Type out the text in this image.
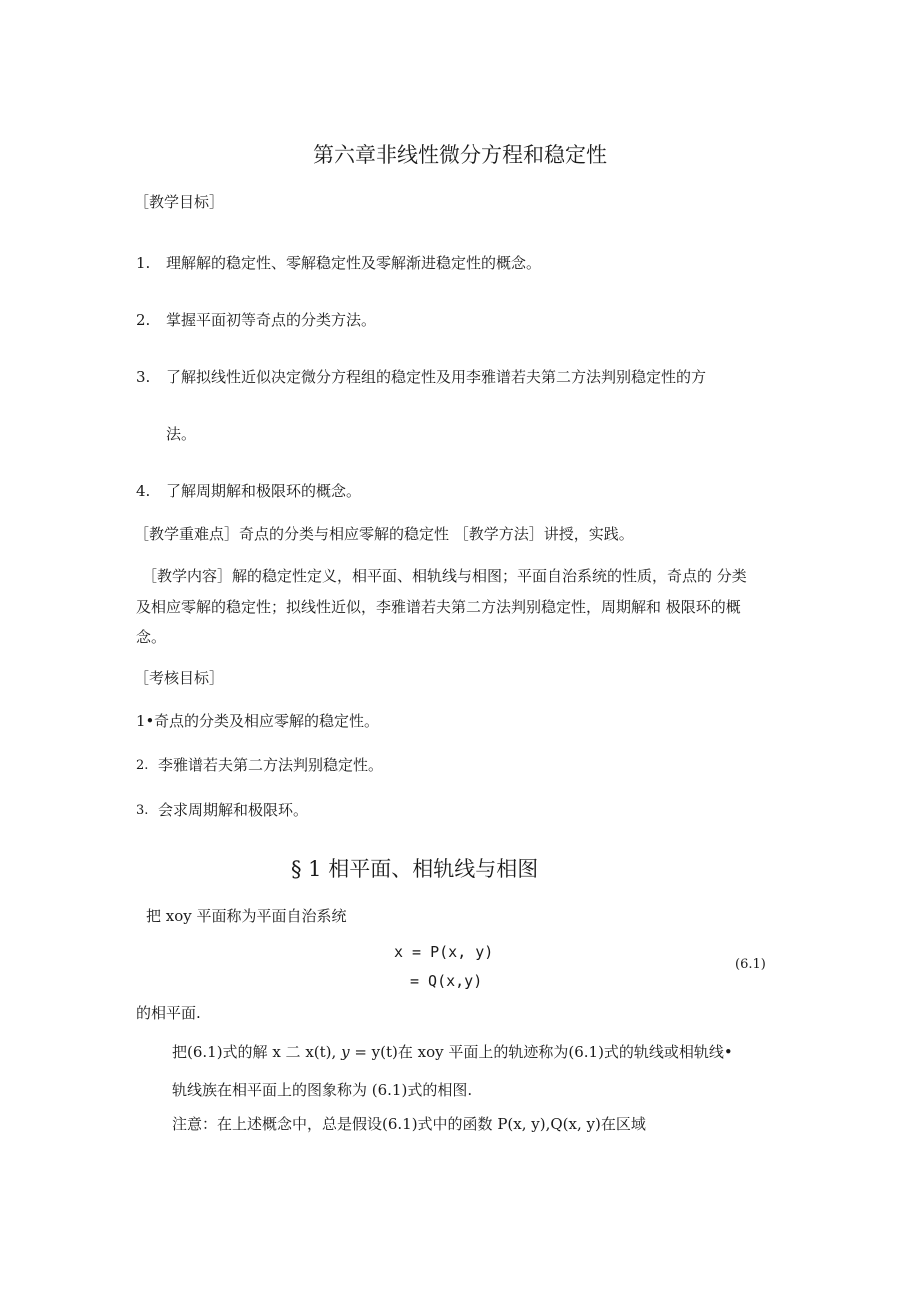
第六章非线性微分方程和稳定性
［教学目标］
1. 理解解的稳定性、零解稳定性及零解渐进稳定性的概念。
2. 掌握平面初等奇点的分类方法。
3. 了解拟线性近似决定微分方程组的稳定性及用李雅谱若夫第二方法判别稳定性的方
法。
4. 了解周期解和极限环的概念。
［教学重难点］奇点的分类与相应零解的稳定性 ［教学方法］讲授，实践。
［教学内容］解的稳定性定义，相平面、相轨线与相图；平面自治系统的性质，奇点的 分类
及相应零解的稳定性；拟线性近似，李雅谱若夫第二方法判别稳定性，周期解和 极限环的概
念。
［考核目标］
1• 奇点的分类及相应零解的稳定性。
2. 李雅谱若夫第二方法判别稳定性。
3. 会求周期解和极限环。
§ 1 相平面、相轨线与相图
把 xoy 平面称为平面自治系统
x = P(x, y)
= Q(x,y)
(6.1)
的相平面.
把(6.1)式的解 x 二 x(t), y = y(t)在 xoy 平面上的轨迹称为(6.1)式的轨线或相轨线•
轨线族在相平面上的图象称为 (6.1)式的相图.
注意：在上述概念中，总是假设(6.1)式中的函数 P(x, y),Q(x, y)在区域
